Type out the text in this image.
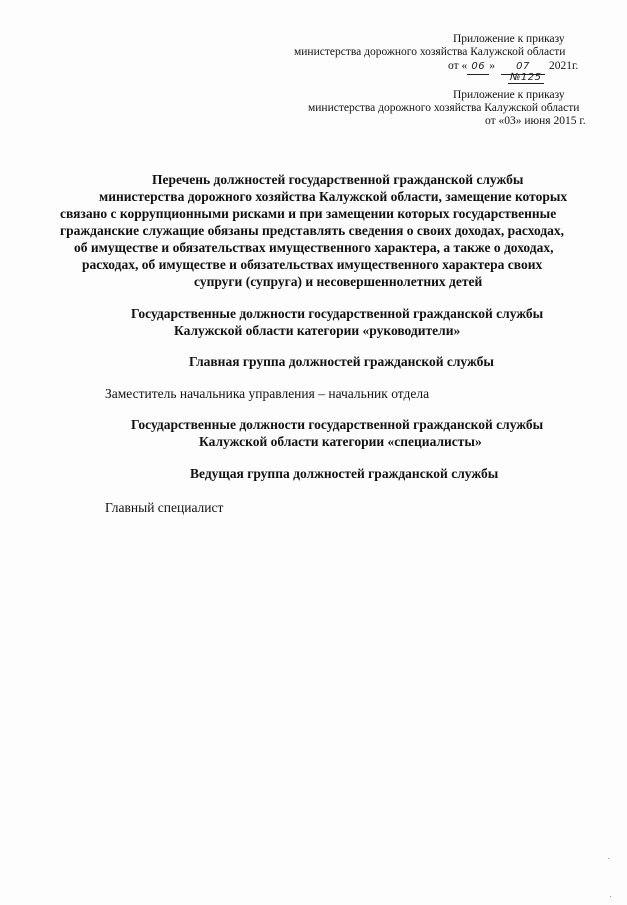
Приложение к приказу
министерства дорожного хозяйства Калужской области
от « 06 » 07 2021г.
№125
Приложение к приказу
министерства дорожного хозяйства Калужской области
от «03» июня 2015 г.
Перечень должностей государственной гражданской службы
министерства дорожного хозяйства Калужской области, замещение которых
связано с коррупционными рисками и при замещении которых государственные
гражданские служащие обязаны представлять сведения о своих доходах, расходах,
об имуществе и обязательствах имущественного характера, а также о доходах,
расходах, об имуществе и обязательствах имущественного характера своих
супруги (супруга) и несовершеннолетних детей
Государственные должности государственной гражданской службы
Калужской области категории «руководители»
Главная группа должностей гражданской службы
Заместитель начальника управления – начальник отдела
Государственные должности государственной гражданской службы
Калужской области категории «специалисты»
Ведущая группа должностей гражданской службы
Главный специалист
